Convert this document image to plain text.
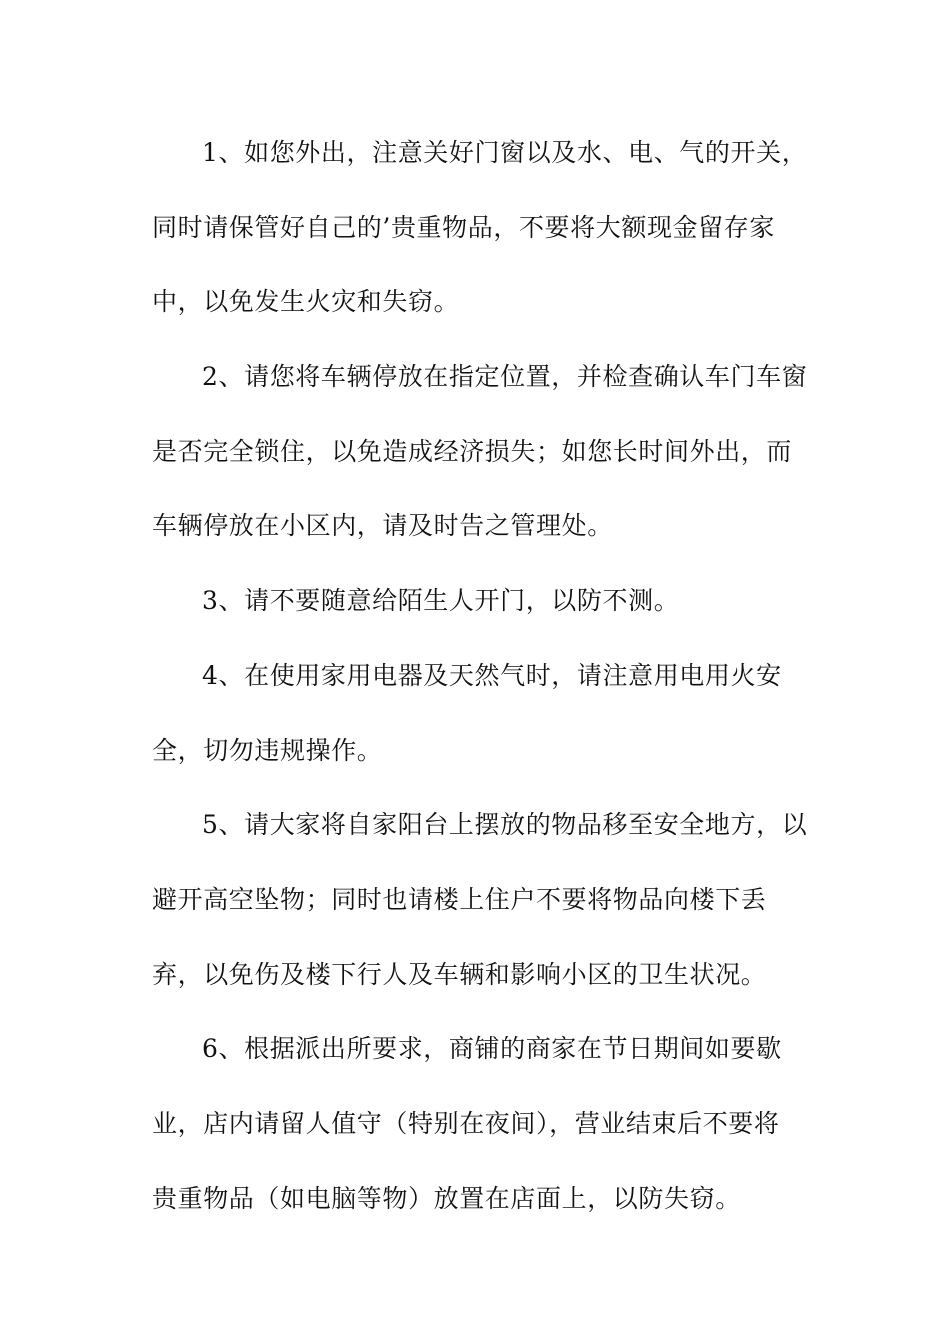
1、如您外出，注意关好门窗以及水、电、气的开关，
同时请保管好自己的’贵重物品，不要将大额现金留存家
中，以免发生火灾和失窃。
2、请您将车辆停放在指定位置，并检查确认车门车窗
是否完全锁住，以免造成经济损失；如您长时间外出，而
车辆停放在小区内，请及时告之管理处。
3、请不要随意给陌生人开门，以防不测。
4、在使用家用电器及天然气时，请注意用电用火安
全，切勿违规操作。
5、请大家将自家阳台上摆放的物品移至安全地方，以
避开高空坠物；同时也请楼上住户不要将物品向楼下丢
弃，以免伤及楼下行人及车辆和影响小区的卫生状况。
6、根据派出所要求，商铺的商家在节日期间如要歇
业，店内请留人值守（特别在夜间），营业结束后不要将
贵重物品（如电脑等物）放置在店面上，以防失窃。
